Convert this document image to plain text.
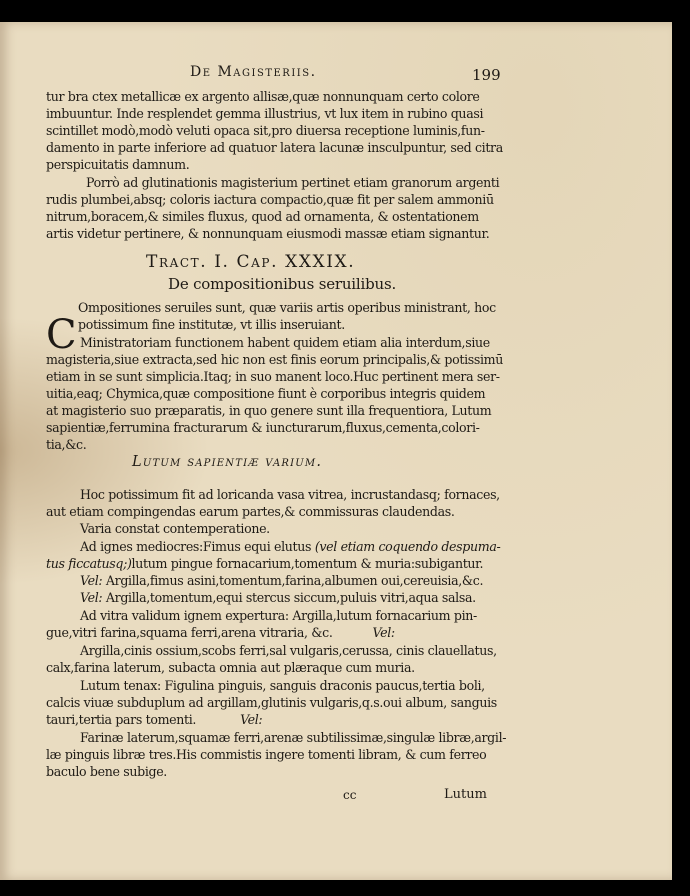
De Magisteriis.	199
tur bra ctex metallicæ ex argento allisæ,quæ nonnunquam certo colore
imbuuntur. Inde resplendet gemma illustrius, vt lux item in rubino quasi
scintillet modò,modò veluti opaca sit,pro diuersa receptione luminis,fun-
damento in parte inferiore ad quatuor latera lacunæ insculpuntur, sed citra
perspicuitatis damnum.
Porrò ad glutinationis magisterium pertinet etiam granorum argenti
rudis plumbei,absq; coloris iactura compactio,quæ fit per salem ammoniū
nitrum,boracem,& similes fluxus, quod ad ornamenta, & ostentationem
artis videtur pertinere, & nonnunquam eiusmodi massæ etiam signantur.
Tract. I. Cap. XXXIX.
De compositionibus seruilibus.
C
Ompositiones seruiles sunt, quæ variis artis operibus ministrant, hoc
potissimum fine institutæ, vt illis inseruiant.
Ministratoriam functionem habent quidem etiam alia interdum,siue
magisteria,siue extracta,sed hic non est finis eorum principalis,& potissimū
etiam in se sunt simplicia.Itaq; in suo manent loco.Huc pertinent mera ser-
uitia,eaq; Chymica,quæ compositione fiunt è corporibus integris quidem
at magisterio suo præparatis, in quo genere sunt illa frequentiora, Lutum
sapientiæ,ferrumina fracturarum & iuncturarum,fluxus,cementa,colori-
tia,&c.
Lutum sapientiæ varium.
Hoc potissimum fit ad loricanda vasa vitrea, incrustandasq; fornaces,
aut etiam compingendas earum partes,& commissuras claudendas.
Varia constat contemperatione.
Ad ignes mediocres:Fimus equi elutus (vel etiam coquendo despuma-
tus ficcatusq;)lutum pingue fornacarium,tomentum & muria:subigantur.
Vel: Argilla,fimus asini,tomentum,farina,albumen oui,cereuisia,&c.
Vel: Argilla,tomentum,equi stercus siccum,puluis vitri,aqua salsa.
Ad vitra validum ignem expertura: Argilla,lutum fornacarium pin-
gue,vitri farina,squama ferri,arena vitraria, &c.	Vel:
Argilla,cinis ossium,scobs ferri,sal vulgaris,cerussa, cinis clauellatus,
calx,farina laterum, subacta omnia aut plæraque cum muria.
Lutum tenax: Figulina pinguis, sanguis draconis paucus,tertia boli,
calcis viuæ subduplum ad argillam,glutinis vulgaris,q.s.oui album, sanguis
tauri,tertia pars tomenti.	Vel:
Farinæ laterum,squamæ ferri,arenæ subtilissimæ,singulæ libræ,argil-
læ pinguis libræ tres.His commistis ingere tomenti libram, & cum ferreo
baculo bene subige.
cc	Lutum
